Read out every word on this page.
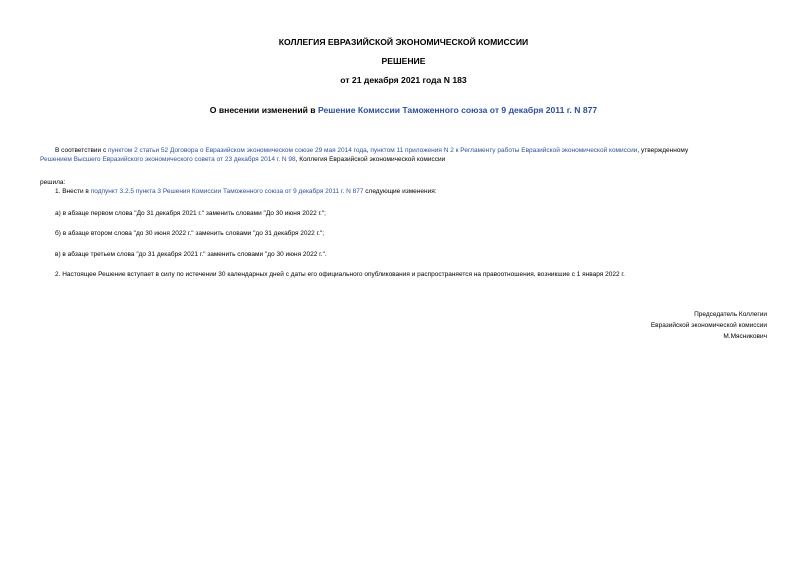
КОЛЛЕГИЯ ЕВРАЗИЙСКОЙ ЭКОНОМИЧЕСКОЙ КОМИССИИ
РЕШЕНИЕ
от 21 декабря 2021 года N 183
О внесении изменений в Решение Комиссии Таможенного союза от 9 декабря 2011 г. N 877
В соответствии с пунктом 2 статьи 52 Договора о Евразийском экономическом союзе 29 мая 2014 года, пунктом 11 приложения N 2 к Регламенту работы Евразийской экономической комиссии, утвержденному
Решением Высшего Евразийского экономического совета от 23 декабря 2014 г. N 98, Коллегия Евразийской экономической комиссии
решила:
1. Внести в подпункт 3.2.5 пункта 3 Решения Комиссии Таможенного союза от 9 декабря 2011 г. N 877 следующие изменения:
а) в абзаце первом слова "До 31 декабря 2021 г." заменить словами "До 30 июня 2022 г.";
б) в абзаце втором слова "до 30 июня 2022 г." заменить словами "до 31 декабря 2022 г.";
в) в абзаце третьем слова "до 31 декабря 2021 г." заменить словами "до 30 июня 2022 г.".
2. Настоящее Решение вступает в силу по истечении 30 календарных дней с даты его официального опубликования и распространяется на правоотношения, возникшие с 1 января 2022 г.
Председатель Коллегии
Евразийской экономической комиссии
М.Мясникович
